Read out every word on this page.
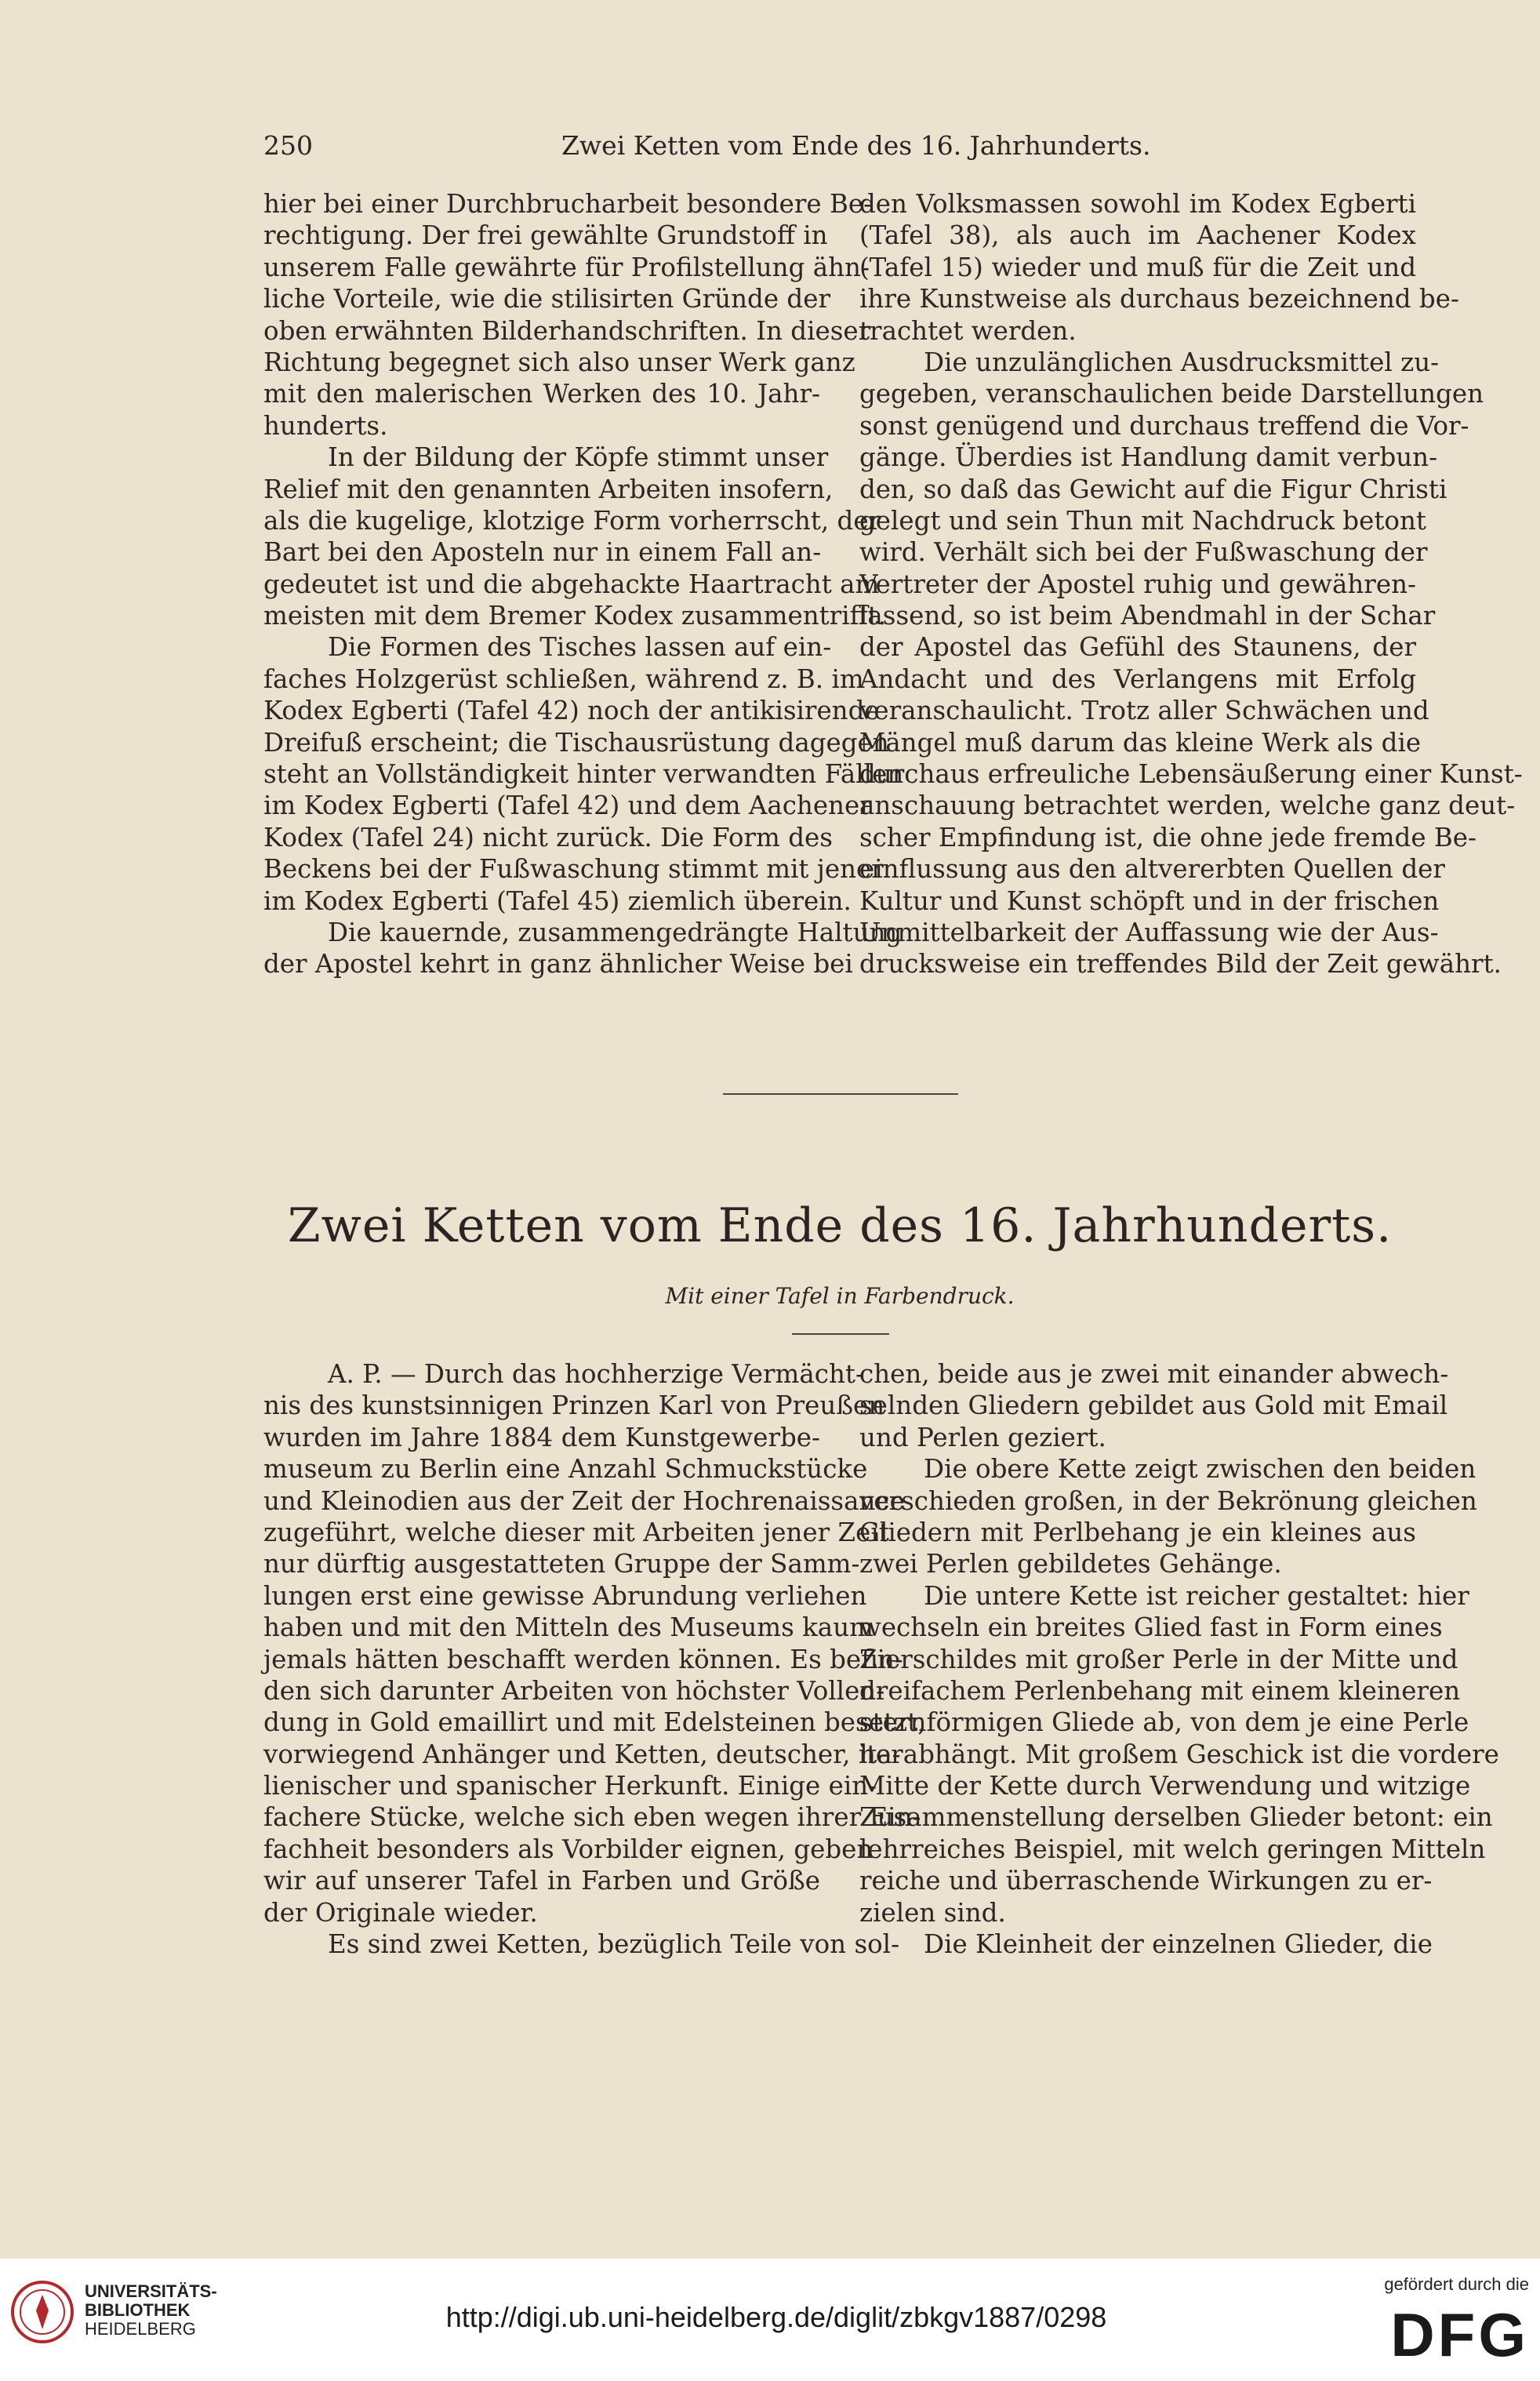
250	Zwei Ketten vom Ende des 16. Jahrhunderts.
hier bei einer Durchbrucharbeit besondere Be-
rechtigung. Der frei gewählte Grundstoff in
unserem Falle gewährte für Profilstellung ähn-
liche Vorteile, wie die stilisirten Gründe der
oben erwähnten Bilderhandschriften. In dieser
Richtung begegnet sich also unser Werk ganz
mit den malerischen Werken des 10. Jahr-
hunderts.
In der Bildung der Köpfe stimmt unser
Relief mit den genannten Arbeiten insofern,
als die kugelige, klotzige Form vorherrscht, der
Bart bei den Aposteln nur in einem Fall an-
gedeutet ist und die abgehackte Haartracht am
meisten mit dem Bremer Kodex zusammentrifft.
Die Formen des Tisches lassen auf ein-
faches Holzgerüst schließen, während z. B. im
Kodex Egberti (Tafel 42) noch der antikisirende
Dreifuß erscheint; die Tischausrüstung dagegen
steht an Vollständigkeit hinter verwandten Fällen
im Kodex Egberti (Tafel 42) und dem Aachener
Kodex (Tafel 24) nicht zurück. Die Form des
Beckens bei der Fußwaschung stimmt mit jener
im Kodex Egberti (Tafel 45) ziemlich überein.
Die kauernde, zusammengedrängte Haltung
der Apostel kehrt in ganz ähnlicher Weise bei
den Volksmassen sowohl im Kodex Egberti
(Tafel 38), als auch im Aachener Kodex
(Tafel 15) wieder und muß für die Zeit und
ihre Kunstweise als durchaus bezeichnend be-
trachtet werden.
Die unzulänglichen Ausdrucksmittel zu-
gegeben, veranschaulichen beide Darstellungen
sonst genügend und durchaus treffend die Vor-
gänge. Überdies ist Handlung damit verbun-
den, so daß das Gewicht auf die Figur Christi
gelegt und sein Thun mit Nachdruck betont
wird. Verhält sich bei der Fußwaschung der
Vertreter der Apostel ruhig und gewähren-
lassend, so ist beim Abendmahl in der Schar
der Apostel das Gefühl des Staunens, der
Andacht und des Verlangens mit Erfolg
veranschaulicht. Trotz aller Schwächen und
Mängel muß darum das kleine Werk als die
durchaus erfreuliche Lebensäußerung einer Kunst-
anschauung betrachtet werden, welche ganz deut-
scher Empfindung ist, die ohne jede fremde Be-
einflussung aus den altvererbten Quellen der
Kultur und Kunst schöpft und in der frischen
Unmittelbarkeit der Auffassung wie der Aus-
drucksweise ein treffendes Bild der Zeit gewährt.
Zwei Ketten vom Ende des 16. Jahrhunderts.
Mit einer Tafel in Farbendruck.
A. P. — Durch das hochherzige Vermächt-
nis des kunstsinnigen Prinzen Karl von Preußen
wurden im Jahre 1884 dem Kunstgewerbe-
museum zu Berlin eine Anzahl Schmuckstücke
und Kleinodien aus der Zeit der Hochrenaissance
zugeführt, welche dieser mit Arbeiten jener Zeit
nur dürftig ausgestatteten Gruppe der Samm-
lungen erst eine gewisse Abrundung verliehen
haben und mit den Mitteln des Museums kaum
jemals hätten beschafft werden können. Es befin-
den sich darunter Arbeiten von höchster Vollen-
dung in Gold emaillirt und mit Edelsteinen besetzt,
vorwiegend Anhänger und Ketten, deutscher, ita-
lienischer und spanischer Herkunft. Einige ein-
fachere Stücke, welche sich eben wegen ihrer Ein-
fachheit besonders als Vorbilder eignen, geben
wir auf unserer Tafel in Farben und Größe
der Originale wieder.
Es sind zwei Ketten, bezüglich Teile von sol-
chen, beide aus je zwei mit einander abwech-
selnden Gliedern gebildet aus Gold mit Email
und Perlen geziert.
Die obere Kette zeigt zwischen den beiden
verschieden großen, in der Bekrönung gleichen
Gliedern mit Perlbehang je ein kleines aus
zwei Perlen gebildetes Gehänge.
Die untere Kette ist reicher gestaltet: hier
wechseln ein breites Glied fast in Form eines
Zierschildes mit großer Perle in der Mitte und
dreifachem Perlenbehang mit einem kleineren
sternförmigen Gliede ab, von dem je eine Perle
herabhängt. Mit großem Geschick ist die vordere
Mitte der Kette durch Verwendung und witzige
Zusammenstellung derselben Glieder betont: ein
lehrreiches Beispiel, mit welch geringen Mitteln
reiche und überraschende Wirkungen zu er-
zielen sind.
Die Kleinheit der einzelnen Glieder, die
UNIVERSITÄTS-
BIBLIOTHEK
HEIDELBERG	http://digi.ub.uni-heidelberg.de/diglit/zbkgv1887/0298
gefördert durch die
DFG
